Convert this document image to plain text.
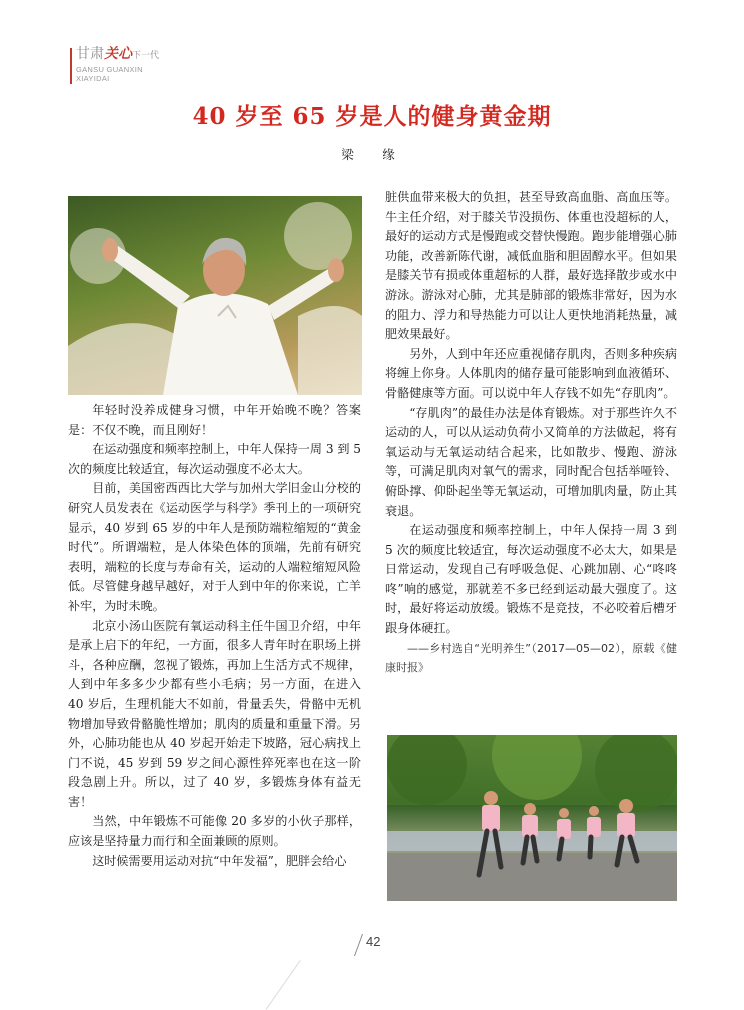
甘肃关心下一代
GANSU GUANXIN
XIAYIDAI
40 岁至 65 岁是人的健身黄金期
梁　缘

年轻时没养成健身习惯，中年开始晚不晚？答案是：不仅不晚，而且刚好！

在运动强度和频率控制上，中年人保持一周 3 到 5 次的频度比较适宜，每次运动强度不必太大。

目前，美国密西西比大学与加州大学旧金山分校的研究人员发表在《运动医学与科学》季刊上的一项研究显示，40 岁到 65 岁的中年人是预防端粒缩短的“黄金时代”。所谓端粒，是人体染色体的顶端，先前有研究表明，端粒的长度与寿命有关，运动的人端粒缩短风险低。尽管健身越早越好，对于人到中年的你来说，亡羊补牢，为时未晚。

北京小汤山医院有氧运动科主任牛国卫介绍，中年是承上启下的年纪，一方面，很多人青年时在职场上拼斗，各种应酬，忽视了锻炼，再加上生活方式不规律，人到中年多多少少都有些小毛病；另一方面，在进入 40 岁后，生理机能大不如前，骨量丢失，骨骼中无机物增加导致骨骼脆性增加；肌肉的质量和重量下滑。另外，心肺功能也从 40 岁起开始走下坡路，冠心病找上门不说，45 岁到 59 岁之间心源性猝死率也在这一阶段急剧上升。所以，过了 40 岁，多锻炼身体有益无害！

当然，中年锻炼不可能像 20 多岁的小伙子那样，应该是坚持量力而行和全面兼顾的原则。

这时候需要用运动对抗“中年发福”，肥胖会给心

脏供血带来极大的负担，甚至导致高血脂、高血压等。牛主任介绍，对于膝关节没损伤、体重也没超标的人，最好的运动方式是慢跑或交替快慢跑。跑步能增强心肺功能，改善新陈代谢，减低血脂和胆固醇水平。但如果是膝关节有损或体重超标的人群，最好选择散步或水中游泳。游泳对心肺，尤其是肺部的锻炼非常好，因为水的阻力、浮力和导热能力可以让人更快地消耗热量，减肥效果最好。

另外，人到中年还应重视储存肌肉，否则多种疾病将缠上你身。人体肌肉的储存量可能影响到血液循环、骨骼健康等方面。可以说中年人存钱不如先“存肌肉”。

“存肌肉”的最佳办法是体育锻炼。对于那些许久不运动的人，可以从运动负荷小又简单的方法做起，将有氧运动与无氧运动结合起来，比如散步、慢跑、游泳等，可满足肌肉对氧气的需求，同时配合包括举哑铃、俯卧撑、仰卧起坐等无氧运动，可增加肌肉量，防止其衰退。

在运动强度和频率控制上，中年人保持一周 3 到 5 次的频度比较适宜，每次运动强度不必太大，如果是日常运动，发现自己有呼吸急促、心跳加剧、心“咚咚咚”响的感觉，那就差不多已经到运动最大强度了。这时，最好将运动放缓。锻炼不是竞技，不必咬着后槽牙跟身体硬扛。

——乡村选自“光明养生”（2017—05—02），原载《健康时报》

42
